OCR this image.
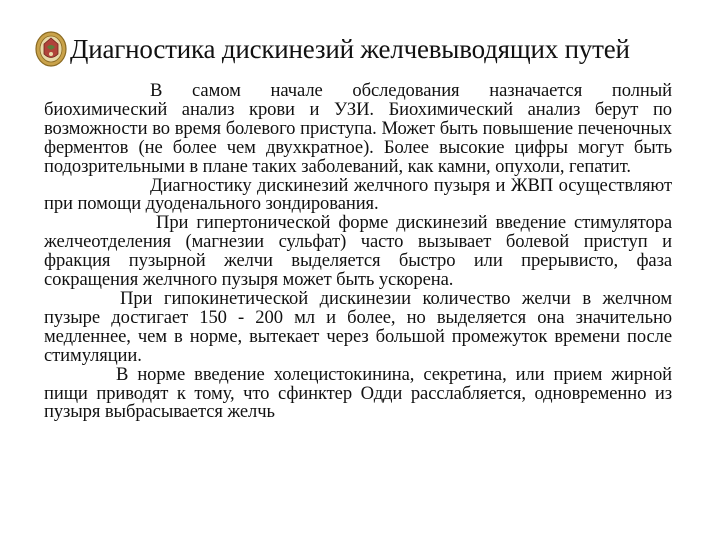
Диагностика дискинезий желчевыводящих путей

В самом начале обследования назначается полный биохимический анализ крови и УЗИ. Биохимический анализ берут по возможности во время болевого приступа. Может быть повышение печеночных ферментов (не более чем двухкратное). Более высокие цифры могут быть подозрительными в плане таких заболеваний, как камни, опухоли, гепатит.

Диагностику дискинезий желчного пузыря и ЖВП осуществляют при помощи дуоденального зондирования.

При гипертонической форме дискинезий введение стимулятора желчеотделения (магнезии сульфат) часто вызывает болевой приступ и фракция пузырной желчи выделяется быстро или прерывисто, фаза сокращения желчного пузыря может быть ускорена.

При гипокинетической дискинезии количество желчи в желчном пузыре достигает 150 - 200 мл и более, но выделяется она значительно медленнее, чем в норме, вытекает через большой промежуток времени после стимуляции.

В норме введение холецистокинина, секретина, или прием жирной пищи приводят к тому, что сфинктер Одди расслабляется, одновременно из пузыря выбрасывается желчь
